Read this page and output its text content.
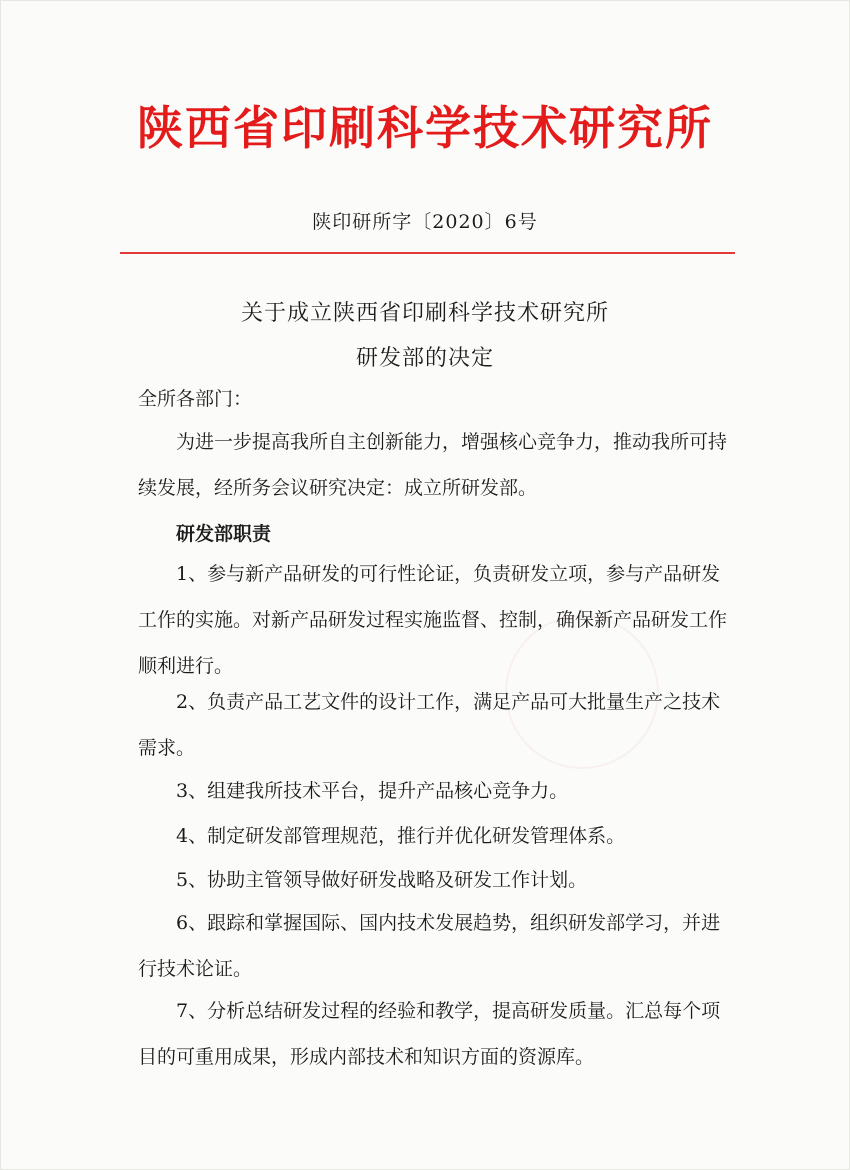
陕西省印刷科学技术研究所
陕印研所字〔2020〕6号
关于成立陕西省印刷科学技术研究所
研发部的决定
全所各部门：
为进一步提高我所自主创新能力，增强核心竞争力，推动我所可持续发展，经所务会议研究决定：成立所研发部。
研发部职责
1、参与新产品研发的可行性论证，负责研发立项，参与产品研发工作的实施。对新产品研发过程实施监督、控制，确保新产品研发工作顺利进行。
2、负责产品工艺文件的设计工作，满足产品可大批量生产之技术需求。
3、组建我所技术平台，提升产品核心竞争力。
4、制定研发部管理规范，推行并优化研发管理体系。
5、协助主管领导做好研发战略及研发工作计划。
6、跟踪和掌握国际、国内技术发展趋势，组织研发部学习，并进行技术论证。
7、分析总结研发过程的经验和教学，提高研发质量。汇总每个项目的可重用成果，形成内部技术和知识方面的资源库。
